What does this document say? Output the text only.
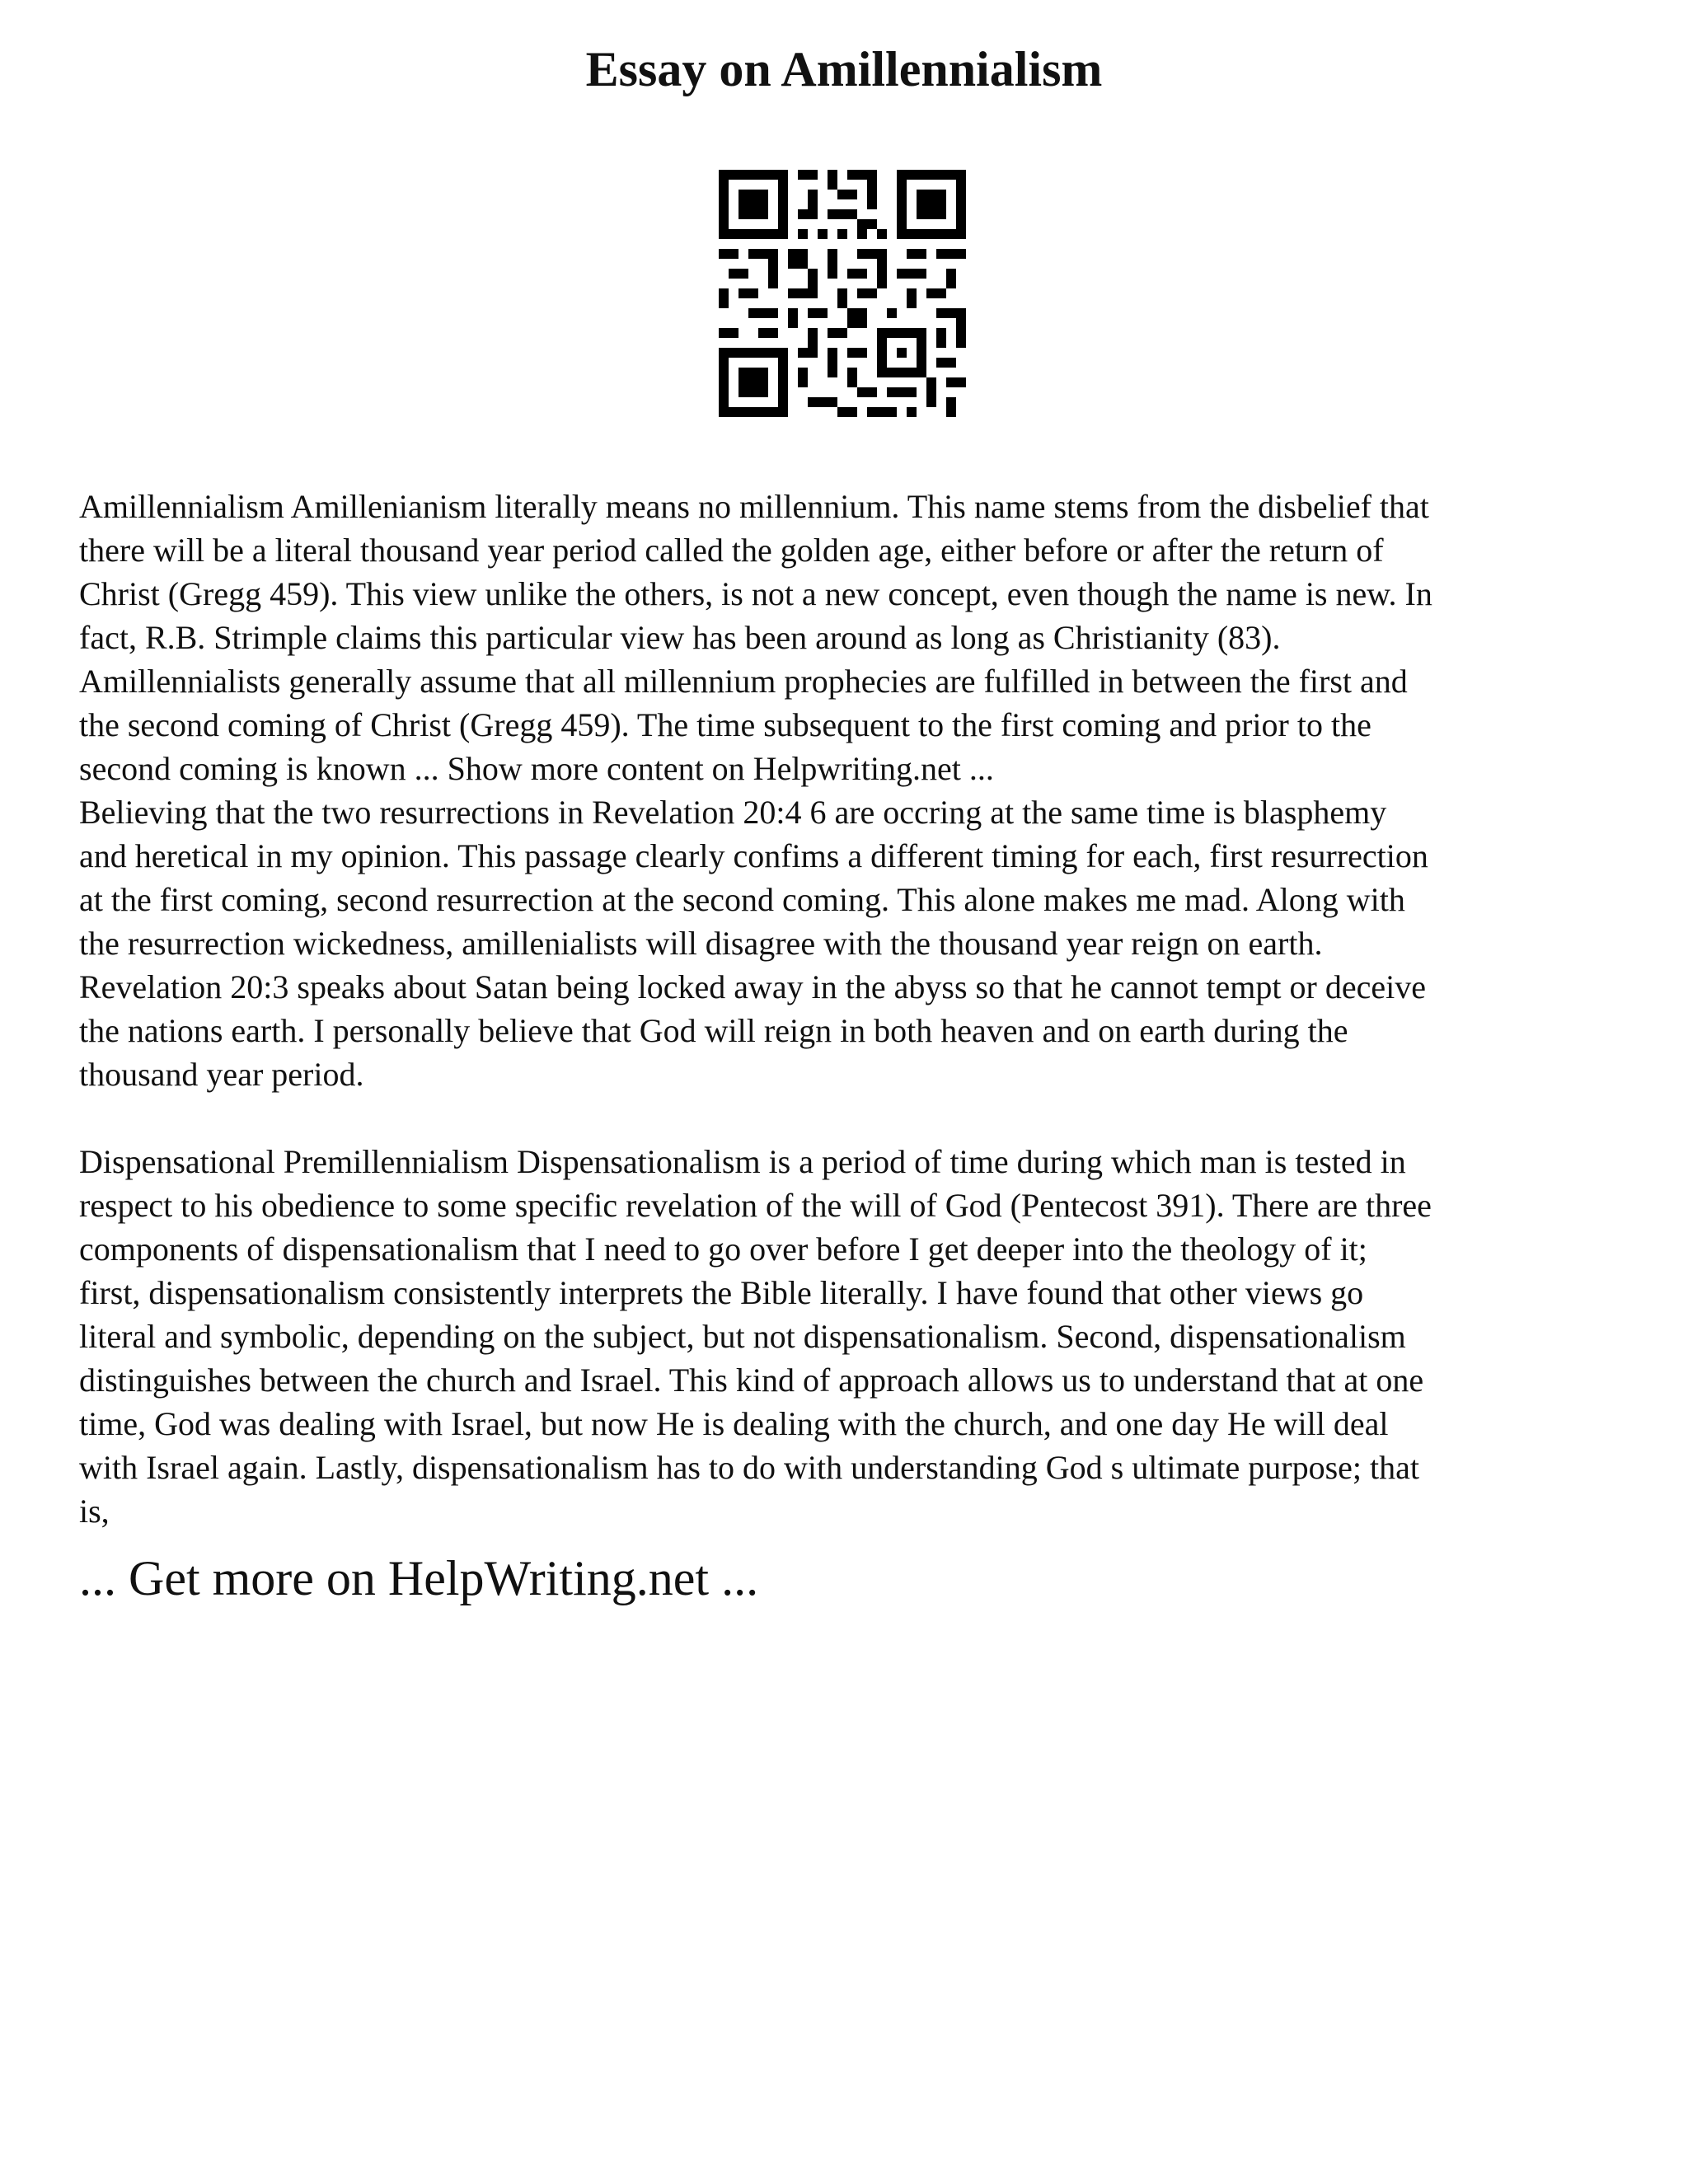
Essay on Amillennialism

Amillennialism Amillenianism literally means no millennium. This name stems from the disbelief that
there will be a literal thousand year period called the golden age, either before or after the return of
Christ (Gregg 459). This view unlike the others, is not a new concept, even though the name is new. In
fact, R.B. Strimple claims this particular view has been around as long as Christianity (83).
Amillennialists generally assume that all millennium prophecies are fulfilled in between the first and
the second coming of Christ (Gregg 459). The time subsequent to the first coming and prior to the
second coming is known ... Show more content on Helpwriting.net ...
Believing that the two resurrections in Revelation 20:4 6 are occring at the same time is blasphemy
and heretical in my opinion. This passage clearly confims a different timing for each, first resurrection
at the first coming, second resurrection at the second coming. This alone makes me mad. Along with
the resurrection wickedness, amillenialists will disagree with the thousand year reign on earth.
Revelation 20:3 speaks about Satan being locked away in the abyss so that he cannot tempt or deceive
the nations earth. I personally believe that God will reign in both heaven and on earth during the
thousand year period.

Dispensational Premillennialism Dispensationalism is a period of time during which man is tested in
respect to his obedience to some specific revelation of the will of God (Pentecost 391). There are three
components of dispensationalism that I need to go over before I get deeper into the theology of it;
first, dispensationalism consistently interprets the Bible literally. I have found that other views go
literal and symbolic, depending on the subject, but not dispensationalism. Second, dispensationalism
distinguishes between the church and Israel. This kind of approach allows us to understand that at one
time, God was dealing with Israel, but now He is dealing with the church, and one day He will deal
with Israel again. Lastly, dispensationalism has to do with understanding God s ultimate purpose; that
is,

... Get more on HelpWriting.net ...
